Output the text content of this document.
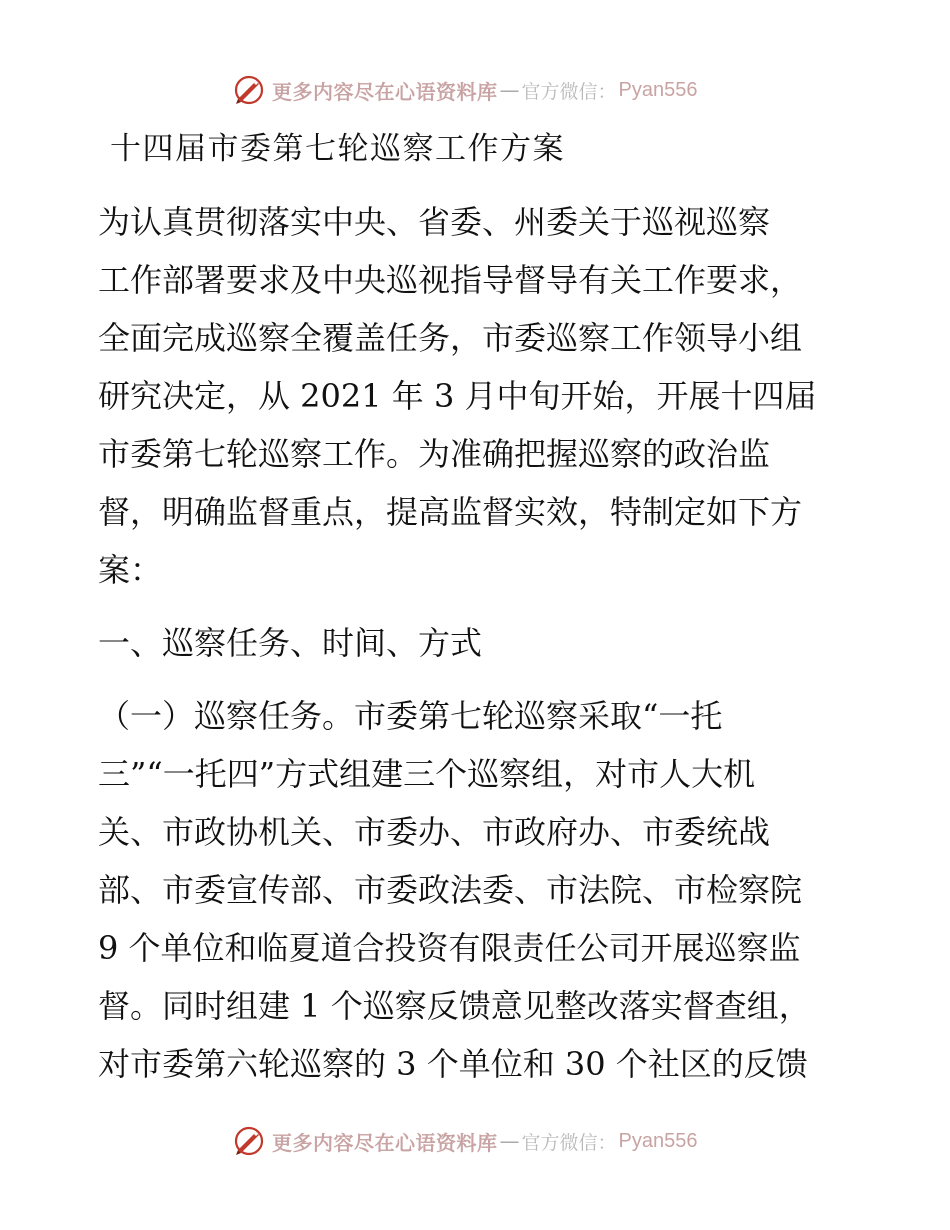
更多内容尽在心语资料库 — 官方微信： Pyan556
十四届市委第七轮巡察工作方案
为认真贯彻落实中央、省委、州委关于巡视巡察
工作部署要求及中央巡视指导督导有关工作要求，
全面完成巡察全覆盖任务，市委巡察工作领导小组
研究决定，从 2021 年 3 月中旬开始，开展十四届
市委第七轮巡察工作。为准确把握巡察的政治监
督，明确监督重点，提高监督实效，特制定如下方
案：
一、巡察任务、时间、方式
（一）巡察任务。市委第七轮巡察采取“一托
三”“一托四”方式组建三个巡察组，对市人大机
关、市政协机关、市委办、市政府办、市委统战
部、市委宣传部、市委政法委、市法院、市检察院
9 个单位和临夏道合投资有限责任公司开展巡察监
督。同时组建 1 个巡察反馈意见整改落实督查组，
对市委第六轮巡察的 3 个单位和 30 个社区的反馈
更多内容尽在心语资料库 — 官方微信： Pyan556
